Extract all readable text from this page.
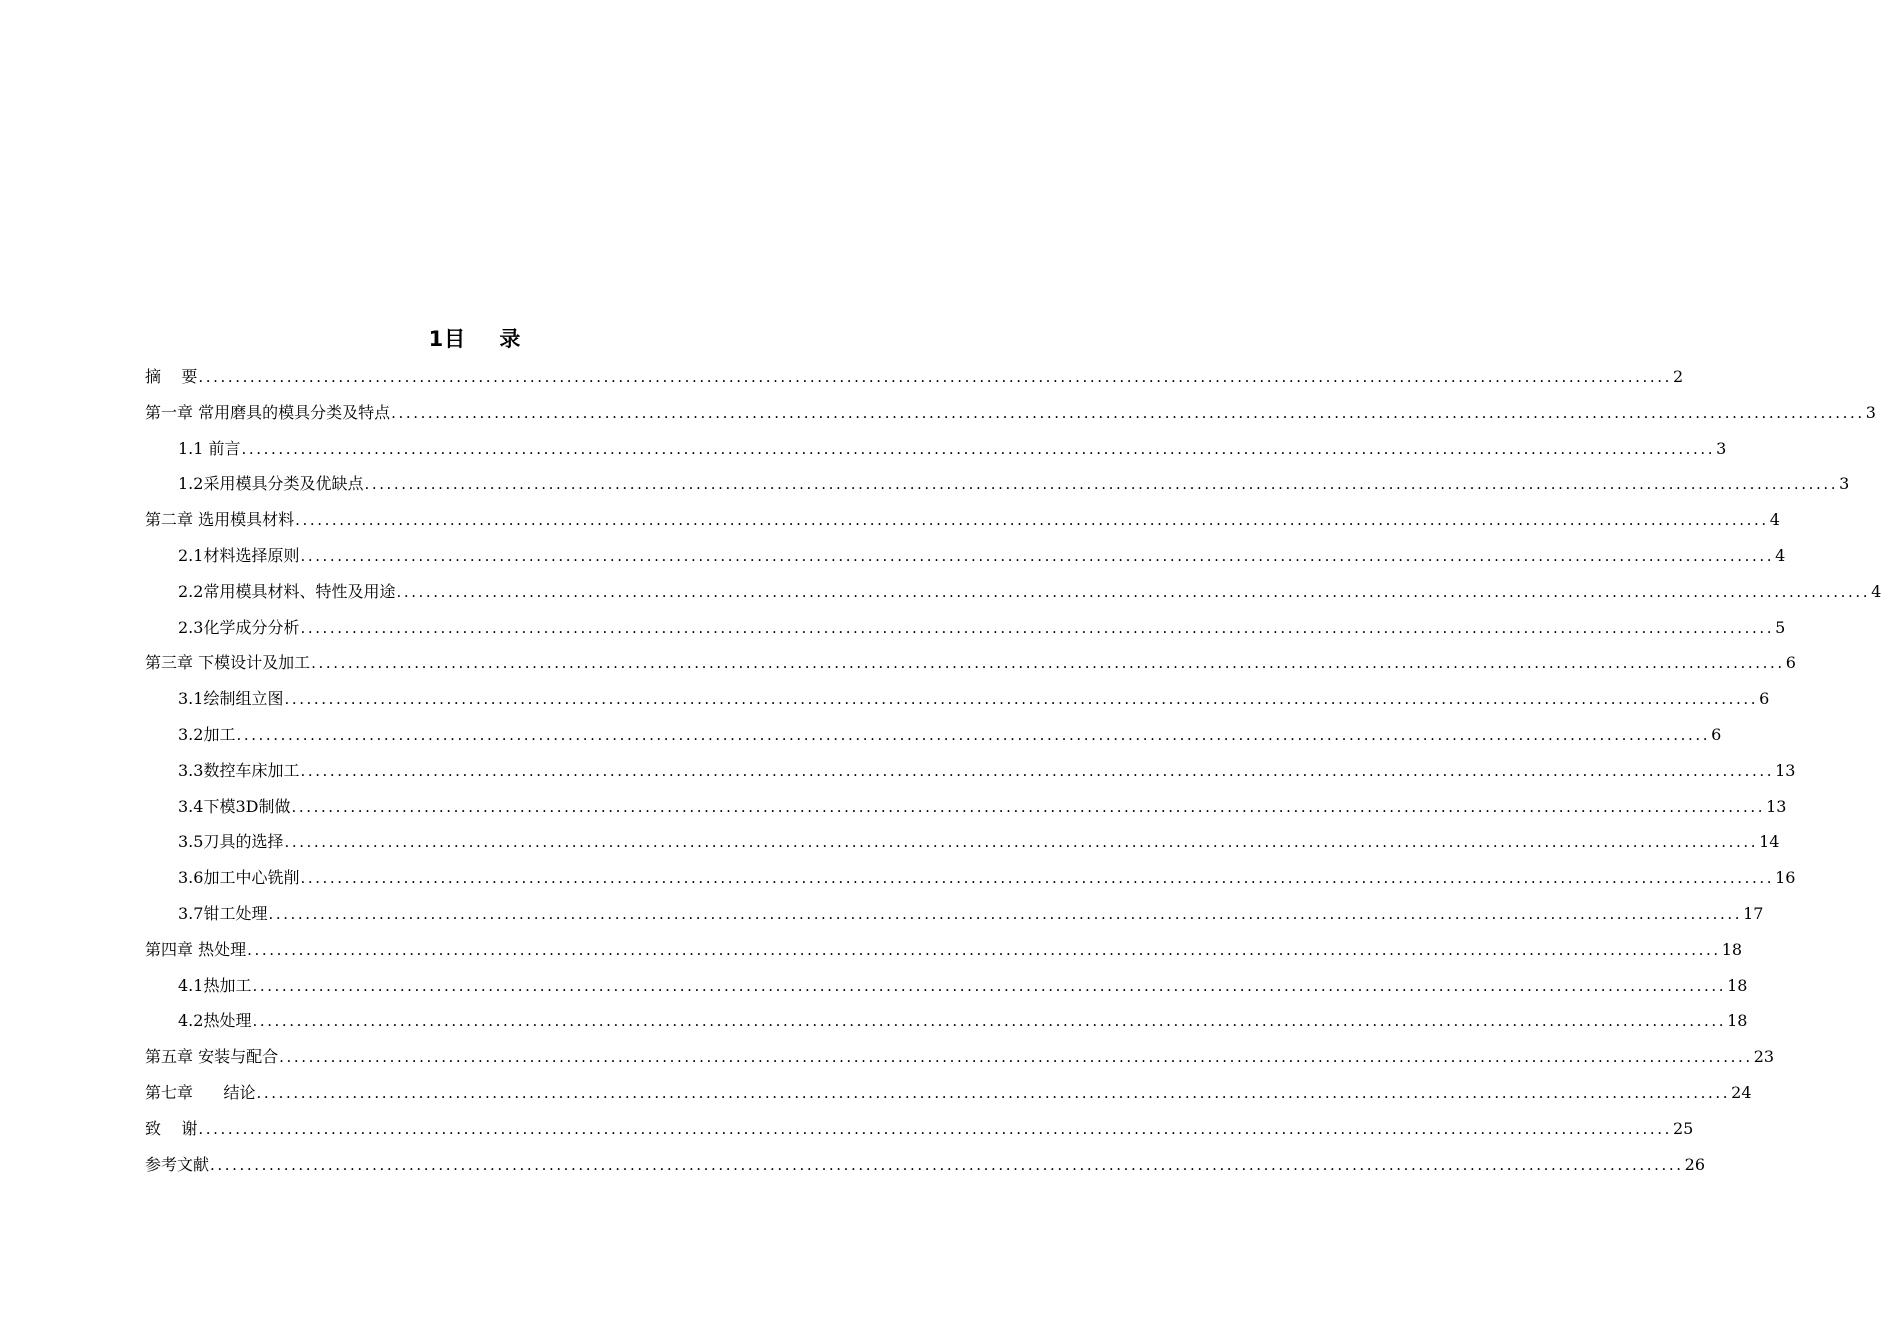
1目    录
摘    要 ........................................................................................................................................................................................................ 2
第一章 常用磨具的模具分类及特点 ........................................................................................................................................................................................................ 3
1.1 前言 ........................................................................................................................................................................................................ 3
1.2采用模具分类及优缺点 ........................................................................................................................................................................................................ 3
第二章 选用模具材料 ........................................................................................................................................................................................................ 4
2.1材料选择原则 ........................................................................................................................................................................................................ 4
2.2常用模具材料、特性及用途 ........................................................................................................................................................................................................ 4
2.3化学成分分析 ........................................................................................................................................................................................................ 5
第三章 下模设计及加工 ........................................................................................................................................................................................................ 6
3.1绘制组立图 ........................................................................................................................................................................................................ 6
3.2加工 ........................................................................................................................................................................................................ 6
3.3数控车床加工 ........................................................................................................................................................................................................ 13
3.4下模3D制做 ........................................................................................................................................................................................................ 13
3.5刀具的选择 ........................................................................................................................................................................................................ 14
3.6加工中心铣削 ........................................................................................................................................................................................................ 16
3.7钳工处理 ........................................................................................................................................................................................................ 17
第四章 热处理 ........................................................................................................................................................................................................ 18
4.1热加工 ........................................................................................................................................................................................................ 18
4.2热处理 ........................................................................................................................................................................................................ 18
第五章 安装与配合 ........................................................................................................................................................................................................ 23
第七章      结论 ........................................................................................................................................................................................................ 24
致    谢 ........................................................................................................................................................................................................ 25
参考文献 ........................................................................................................................................................................................................ 26
